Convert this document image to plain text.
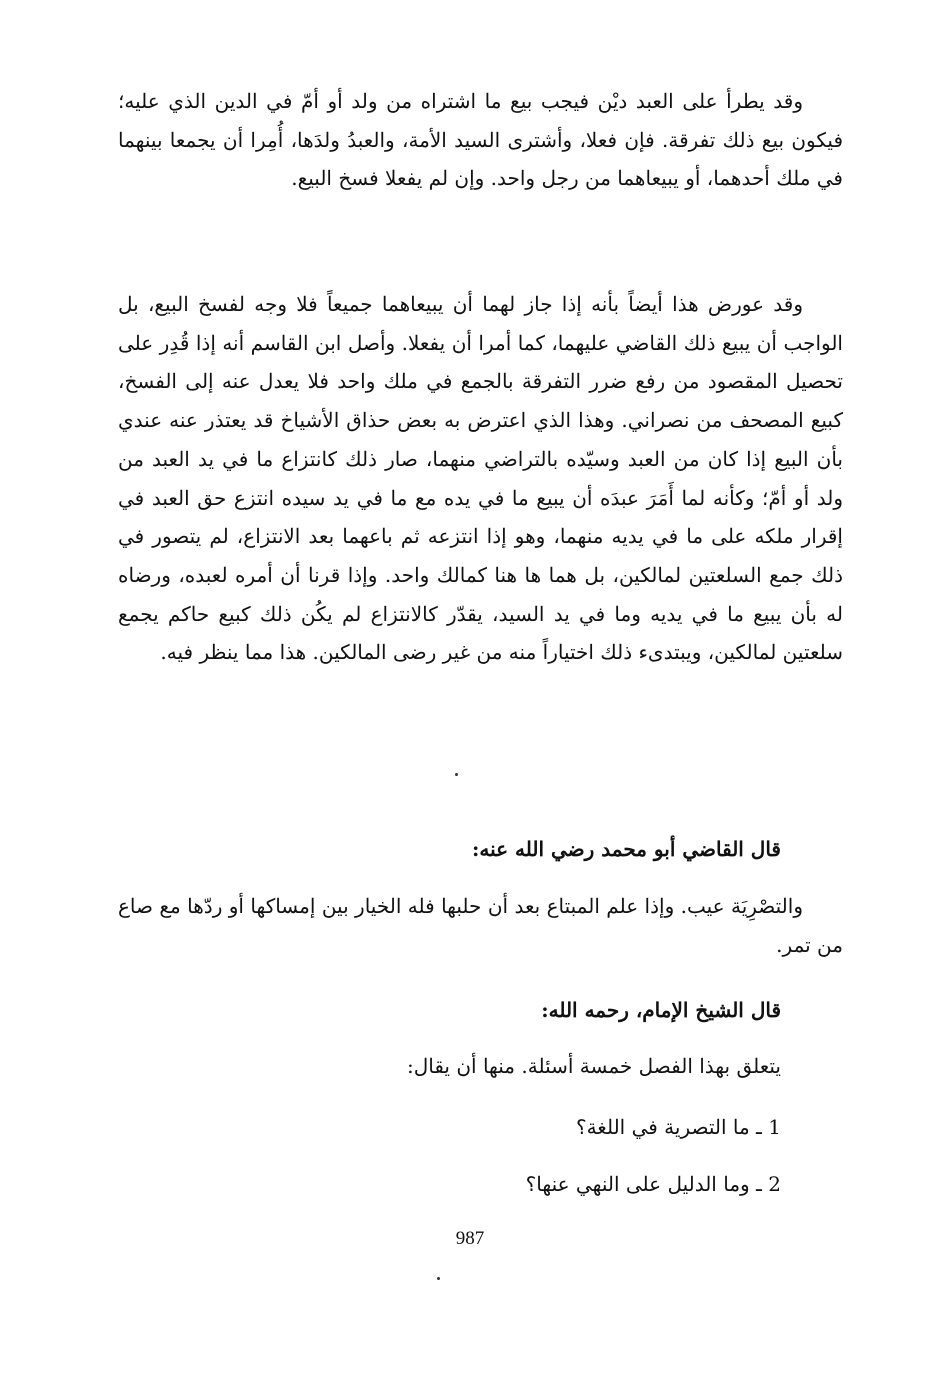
وقد يطرأ على العبد ديْن فيجب بيع ما اشتراه من ولد أو أمّ في الدين الذي عليه؛ فيكون بيع ذلك تفرقة. فإن فعلا، وأشترى السيد الأمة، والعبدُ ولدَها، أُمِرا أن يجمعا بينهما في ملك أحدهما، أو يبيعاهما من رجل واحد. وإن لم يفعلا فسخ البيع.

وقد عورض هذا أيضاً بأنه إذا جاز لهما أن يبيعاهما جميعاً فلا وجه لفسخ البيع، بل الواجب أن يبيع ذلك القاضي عليهما، كما أمرا أن يفعلا. وأصل ابن القاسم أنه إذا قُدِر على تحصيل المقصود من رفع ضرر التفرقة بالجمع في ملك واحد فلا يعدل عنه إلى الفسخ، كبيع المصحف من نصراني. وهذا الذي اعترض به بعض حذاق الأشياخ قد يعتذر عنه عندي بأن البيع إذا كان من العبد وسيّده بالتراضي منهما، صار ذلك كانتزاع ما في يد العبد من ولد أو أمّ؛ وكأنه لما أَمَرَ عبدَه أن يبيع ما في يده مع ما في يد سيده انتزع حق العبد في إقرار ملكه على ما في يديه منهما، وهو إذا انتزعه ثم باعهما بعد الانتزاع، لم يتصور في ذلك جمع السلعتين لمالكين، بل هما ها هنا كمالك واحد. وإذا قرنا أن أمره لعبده، ورضاه له بأن يبيع ما في يديه وما في يد السيد، يقدّر كالانتزاع لم يكُن ذلك كبيع حاكم يجمع سلعتين لمالكين، ويبتدىء ذلك اختياراً منه من غير رضى المالكين. هذا مما ينظر فيه.

قال القاضي أبو محمد رضي الله عنه:

والتصْرِيَة عيب. وإذا علم المبتاع بعد أن حلبها فله الخيار بين إمساكها أو ردّها مع صاع من تمر.

قال الشيخ الإمام، رحمه الله:
يتعلق بهذا الفصل خمسة أسئلة. منها أن يقال:
1 ـ ما التصرية في اللغة؟
2 ـ وما الدليل على النهي عنها؟
987
